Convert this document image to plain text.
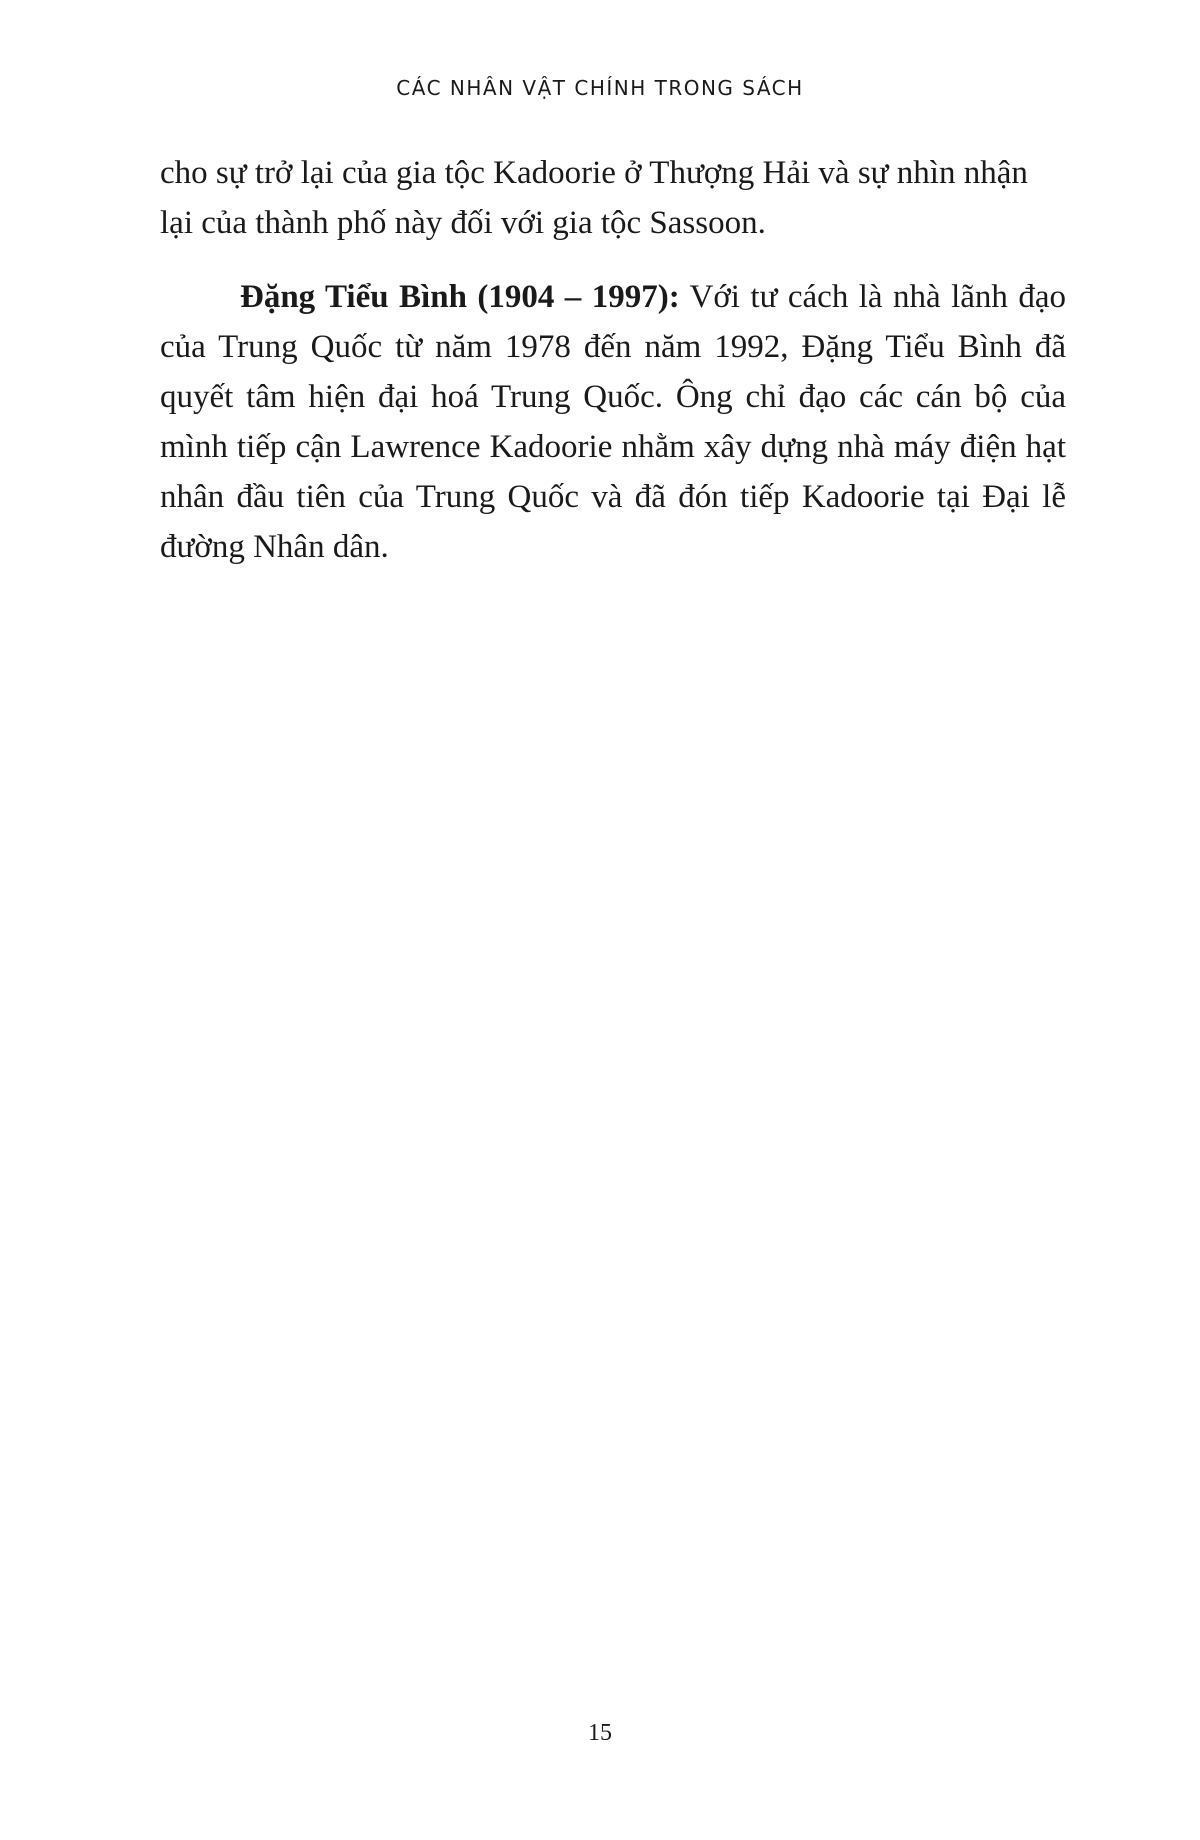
CÁC NHÂN VẬT CHÍNH TRONG SÁCH

cho sự trở lại của gia tộc Kadoorie ở Thượng Hải và sự nhìn nhận lại của thành phố này đối với gia tộc Sassoon.

Đặng Tiểu Bình (1904 – 1997): Với tư cách là nhà lãnh đạo của Trung Quốc từ năm 1978 đến năm 1992, Đặng Tiểu Bình đã quyết tâm hiện đại hoá Trung Quốc. Ông chỉ đạo các cán bộ của mình tiếp cận Lawrence Kadoorie nhằm xây dựng nhà máy điện hạt nhân đầu tiên của Trung Quốc và đã đón tiếp Kadoorie tại Đại lễ đường Nhân dân.

15
